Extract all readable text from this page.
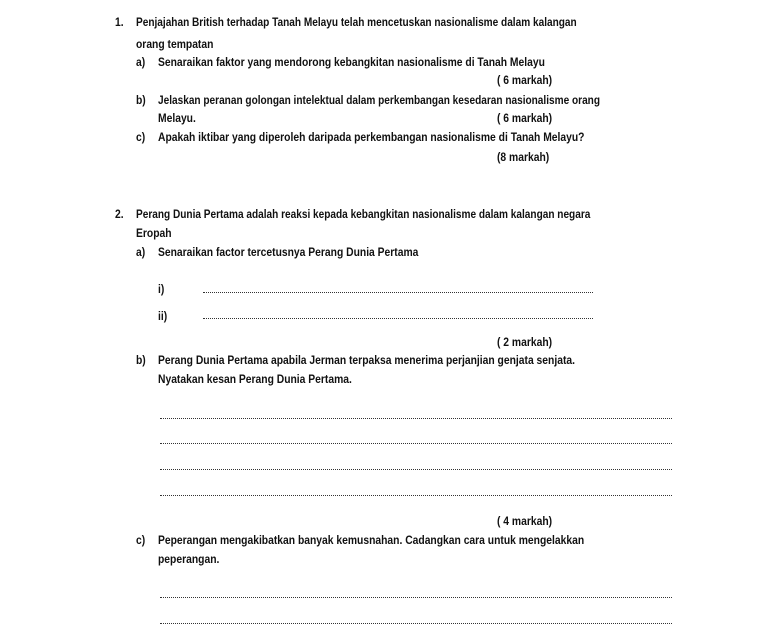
1. Penjajahan British terhadap Tanah Melayu telah mencetuskan nasionalisme dalam kalangan
orang tempatan
a) Senaraikan faktor yang mendorong kebangkitan nasionalisme di Tanah Melayu
( 6 markah)
b) Jelaskan peranan golongan intelektual dalam perkembangan kesedaran nasionalisme orang
Melayu.	( 6 markah)
c) Apakah iktibar yang diperoleh daripada perkembangan nasionalisme di Tanah Melayu?
(8 markah)
2. Perang Dunia Pertama adalah reaksi kepada kebangkitan nasionalisme dalam kalangan negara
Eropah
a) Senaraikan factor tercetusnya Perang Dunia Pertama
i)
ii)
( 2 markah)
b) Perang Dunia Pertama apabila Jerman terpaksa menerima perjanjian genjata senjata.
Nyatakan kesan Perang Dunia Pertama.
( 4 markah)
c) Peperangan mengakibatkan banyak kemusnahan. Cadangkan cara untuk mengelakkan
peperangan.
